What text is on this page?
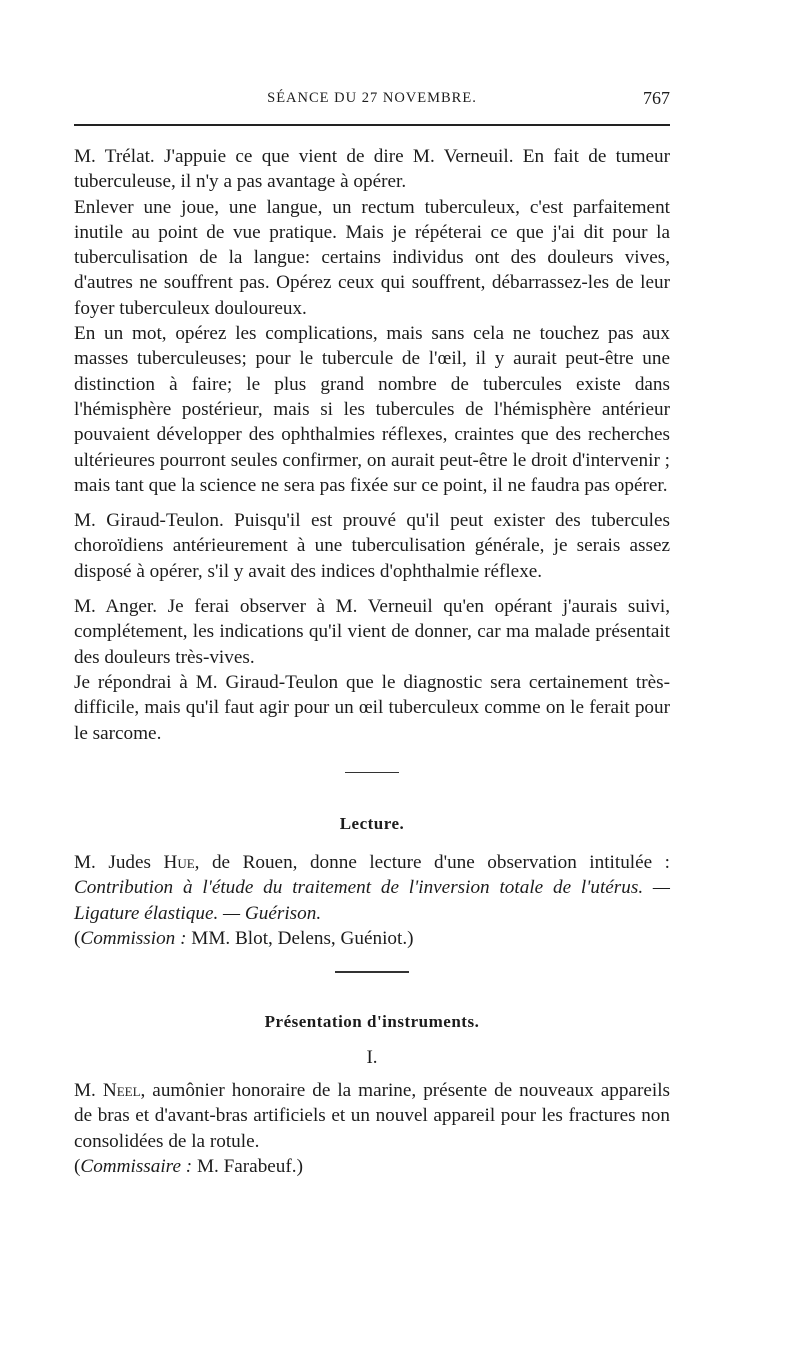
SÉANCE DU 27 NOVEMBRE.	767

M. Trélat. J'appuie ce que vient de dire M. Verneuil. En fait de tumeur tuberculeuse, il n'y a pas avantage à opérer.

Enlever une joue, une langue, un rectum tuberculeux, c'est parfaitement inutile au point de vue pratique. Mais je répéterai ce que j'ai dit pour la tuberculisation de la langue: certains individus ont des douleurs vives, d'autres ne souffrent pas. Opérez ceux qui souffrent, débarrassez-les de leur foyer tuberculeux douloureux.

En un mot, opérez les complications, mais sans cela ne touchez pas aux masses tuberculeuses; pour le tubercule de l'œil, il y aurait peut-être une distinction à faire; le plus grand nombre de tubercules existe dans l'hémisphère postérieur, mais si les tubercules de l'hémisphère antérieur pouvaient développer des ophthalmies réflexes, craintes que des recherches ultérieures pourront seules confirmer, on aurait peut-être le droit d'intervenir ; mais tant que la science ne sera pas fixée sur ce point, il ne faudra pas opérer.

M. Giraud-Teulon. Puisqu'il est prouvé qu'il peut exister des tubercules choroïdiens antérieurement à une tuberculisation générale, je serais assez disposé à opérer, s'il y avait des indices d'ophthalmie réflexe.

M. Anger. Je ferai observer à M. Verneuil qu'en opérant j'aurais suivi, complétement, les indications qu'il vient de donner, car ma malade présentait des douleurs très-vives.

Je répondrai à M. Giraud-Teulon que le diagnostic sera certainement très-difficile, mais qu'il faut agir pour un œil tuberculeux comme on le ferait pour le sarcome.

Lecture.

M. Judes Hue, de Rouen, donne lecture d'une observation intitulée : Contribution à l'étude du traitement de l'inversion totale de l'utérus. — Ligature élastique. — Guérison.

(Commission : MM. Blot, Delens, Guéniot.)

Présentation d'instruments.
I.

M. Neel, aumônier honoraire de la marine, présente de nouveaux appareils de bras et d'avant-bras artificiels et un nouvel appareil pour les fractures non consolidées de la rotule.

(Commissaire : M. Farabeuf.)
